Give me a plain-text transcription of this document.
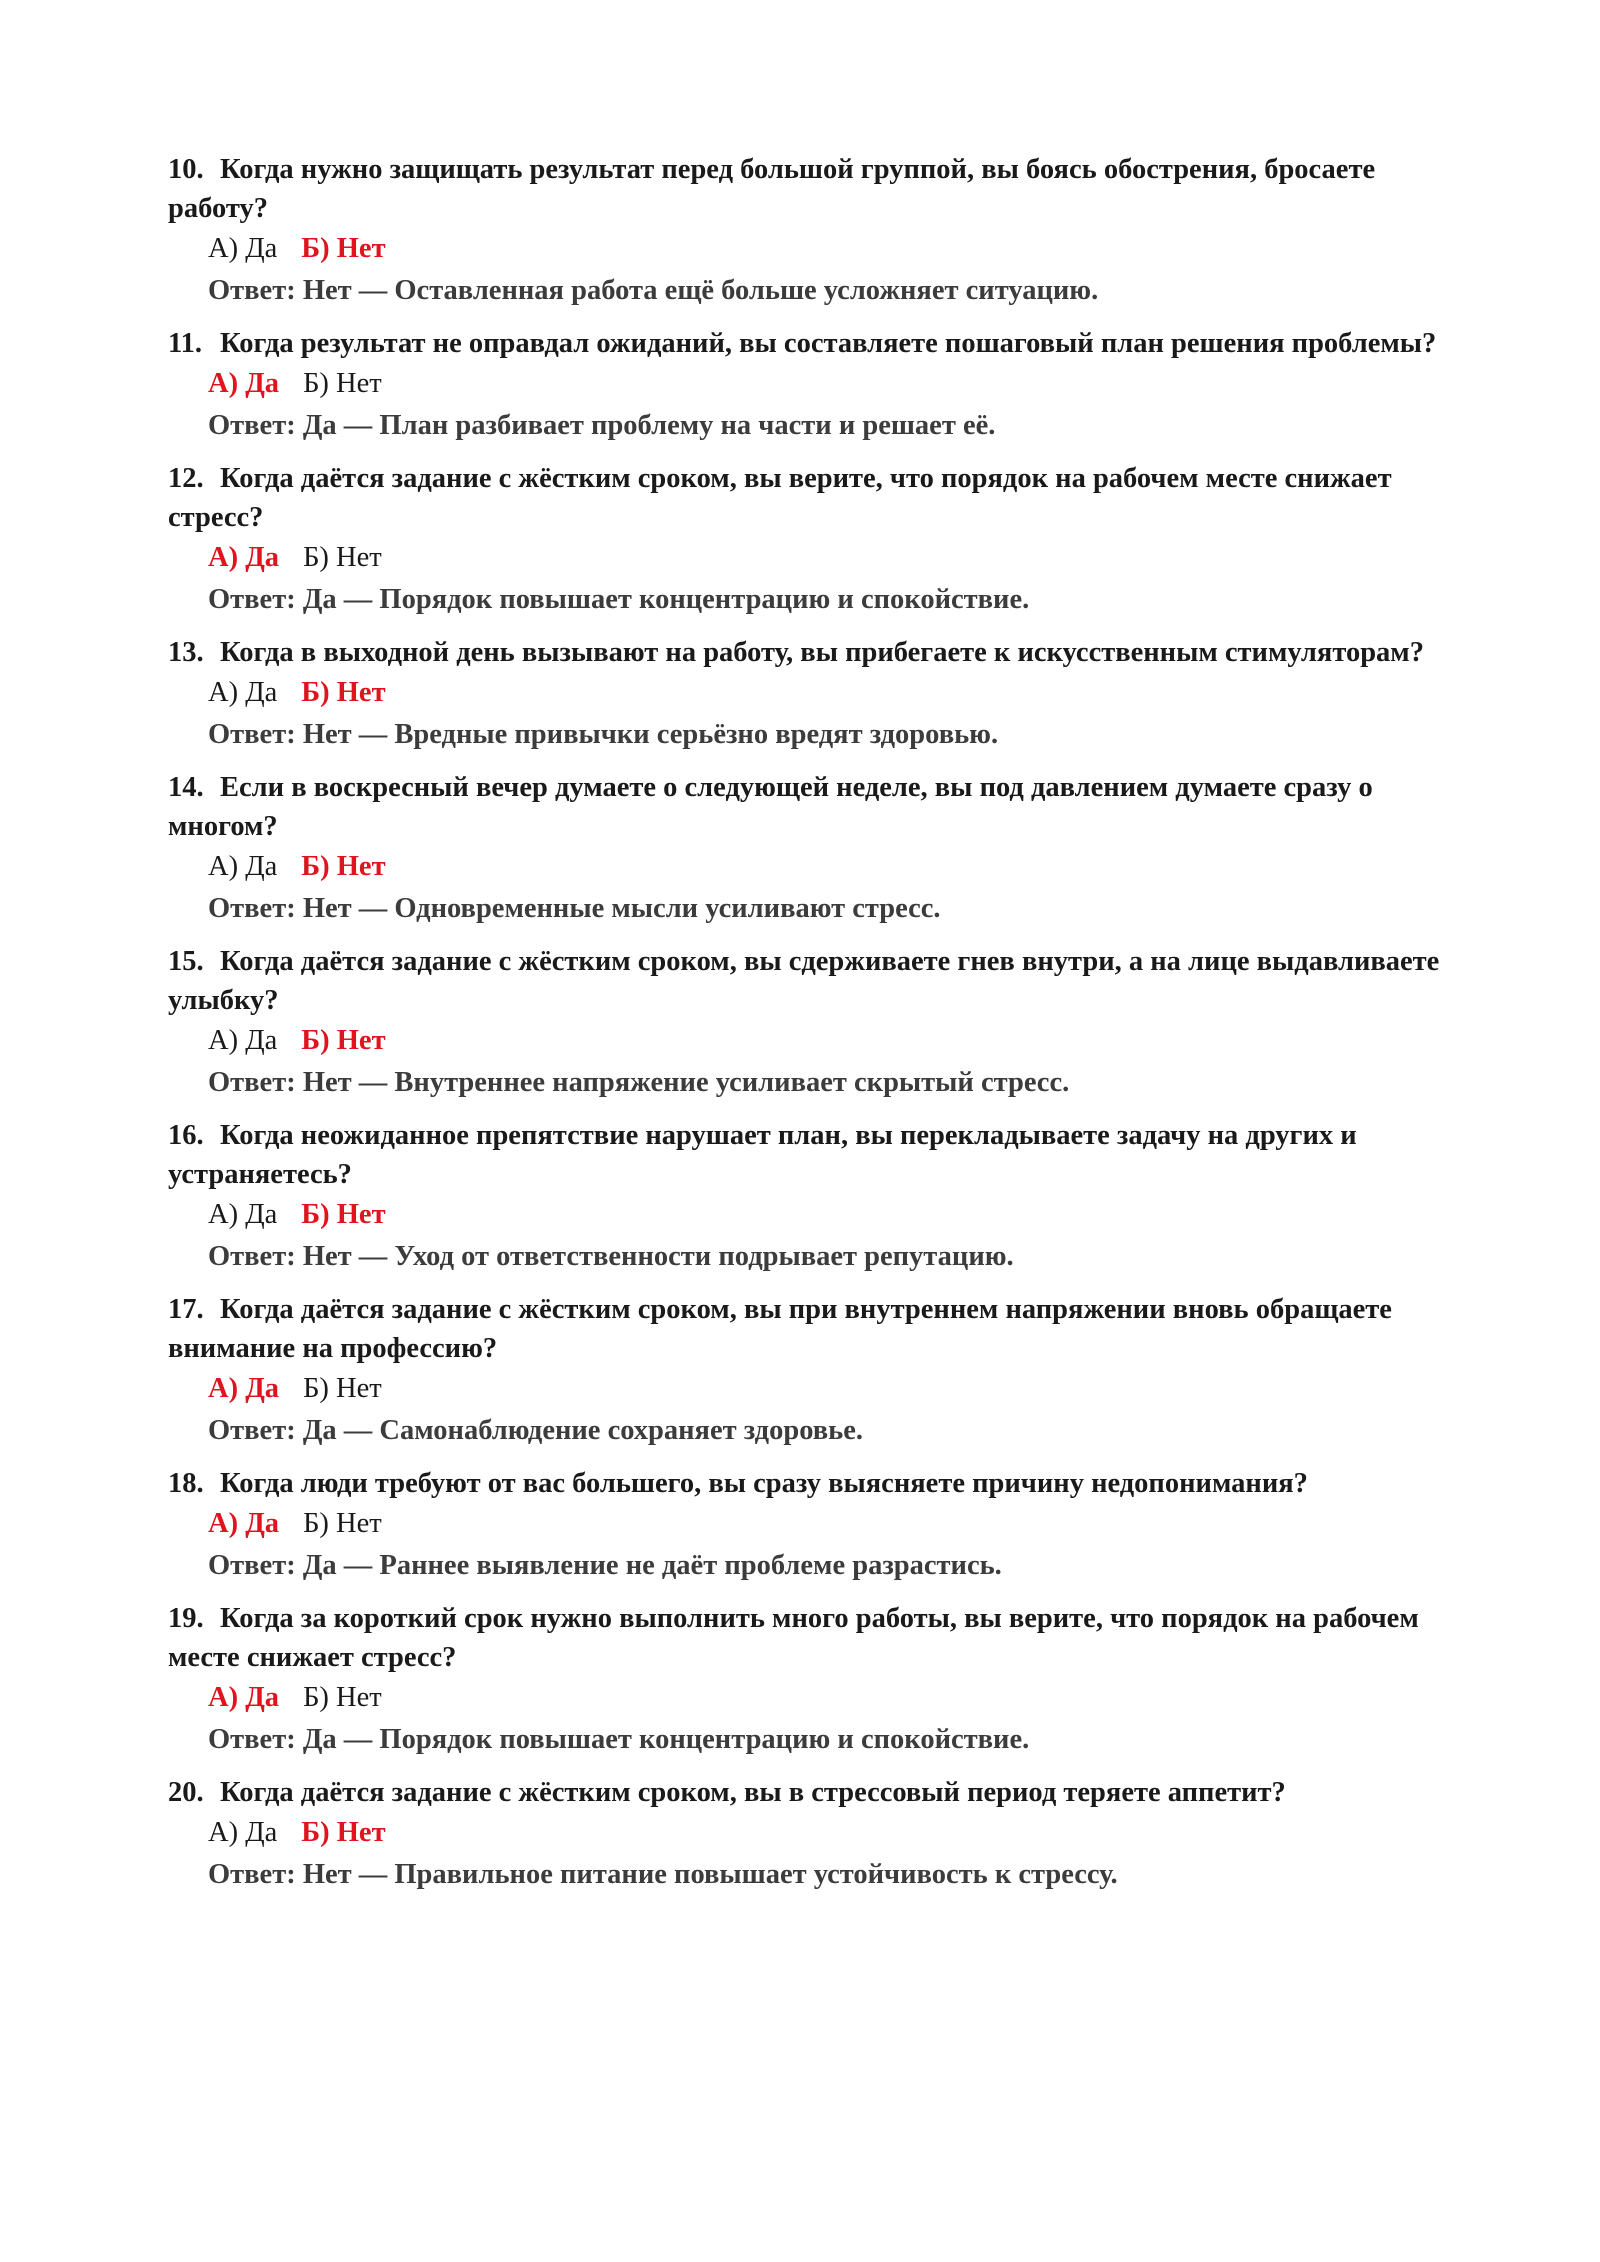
10. Когда нужно защищать результат перед большой группой, вы боясь обострения, бросаете работу?

А) Да Б) Нет
Ответ: Нет — Оставленная работа ещё больше усложняет ситуацию.

11. Когда результат не оправдал ожиданий, вы составляете пошаговый план решения проблемы?

А) Да Б) Нет
Ответ: Да — План разбивает проблему на части и решает её.

12. Когда даётся задание с жёстким сроком, вы верите, что порядок на рабочем месте снижает стресс?

А) Да Б) Нет
Ответ: Да — Порядок повышает концентрацию и спокойствие.

13. Когда в выходной день вызывают на работу, вы прибегаете к искусственным стимуляторам?

А) Да Б) Нет
Ответ: Нет — Вредные привычки серьёзно вредят здоровью.

14. Если в воскресный вечер думаете о следующей неделе, вы под давлением думаете сразу о многом?

А) Да Б) Нет
Ответ: Нет — Одновременные мысли усиливают стресс.

15. Когда даётся задание с жёстким сроком, вы сдерживаете гнев внутри, а на лице выдавливаете улыбку?

А) Да Б) Нет
Ответ: Нет — Внутреннее напряжение усиливает скрытый стресс.

16. Когда неожиданное препятствие нарушает план, вы перекладываете задачу на других и устраняетесь?

А) Да Б) Нет
Ответ: Нет — Уход от ответственности подрывает репутацию.

17. Когда даётся задание с жёстким сроком, вы при внутреннем напряжении вновь обращаете внимание на профессию?

А) Да Б) Нет
Ответ: Да — Самонаблюдение сохраняет здоровье.

18. Когда люди требуют от вас большего, вы сразу выясняете причину недопонимания?

А) Да Б) Нет
Ответ: Да — Раннее выявление не даёт проблеме разрастись.

19. Когда за короткий срок нужно выполнить много работы, вы верите, что порядок на рабочем месте снижает стресс?

А) Да Б) Нет
Ответ: Да — Порядок повышает концентрацию и спокойствие.

20. Когда даётся задание с жёстким сроком, вы в стрессовый период теряете аппетит?

А) Да Б) Нет
Ответ: Нет — Правильное питание повышает устойчивость к стрессу.
